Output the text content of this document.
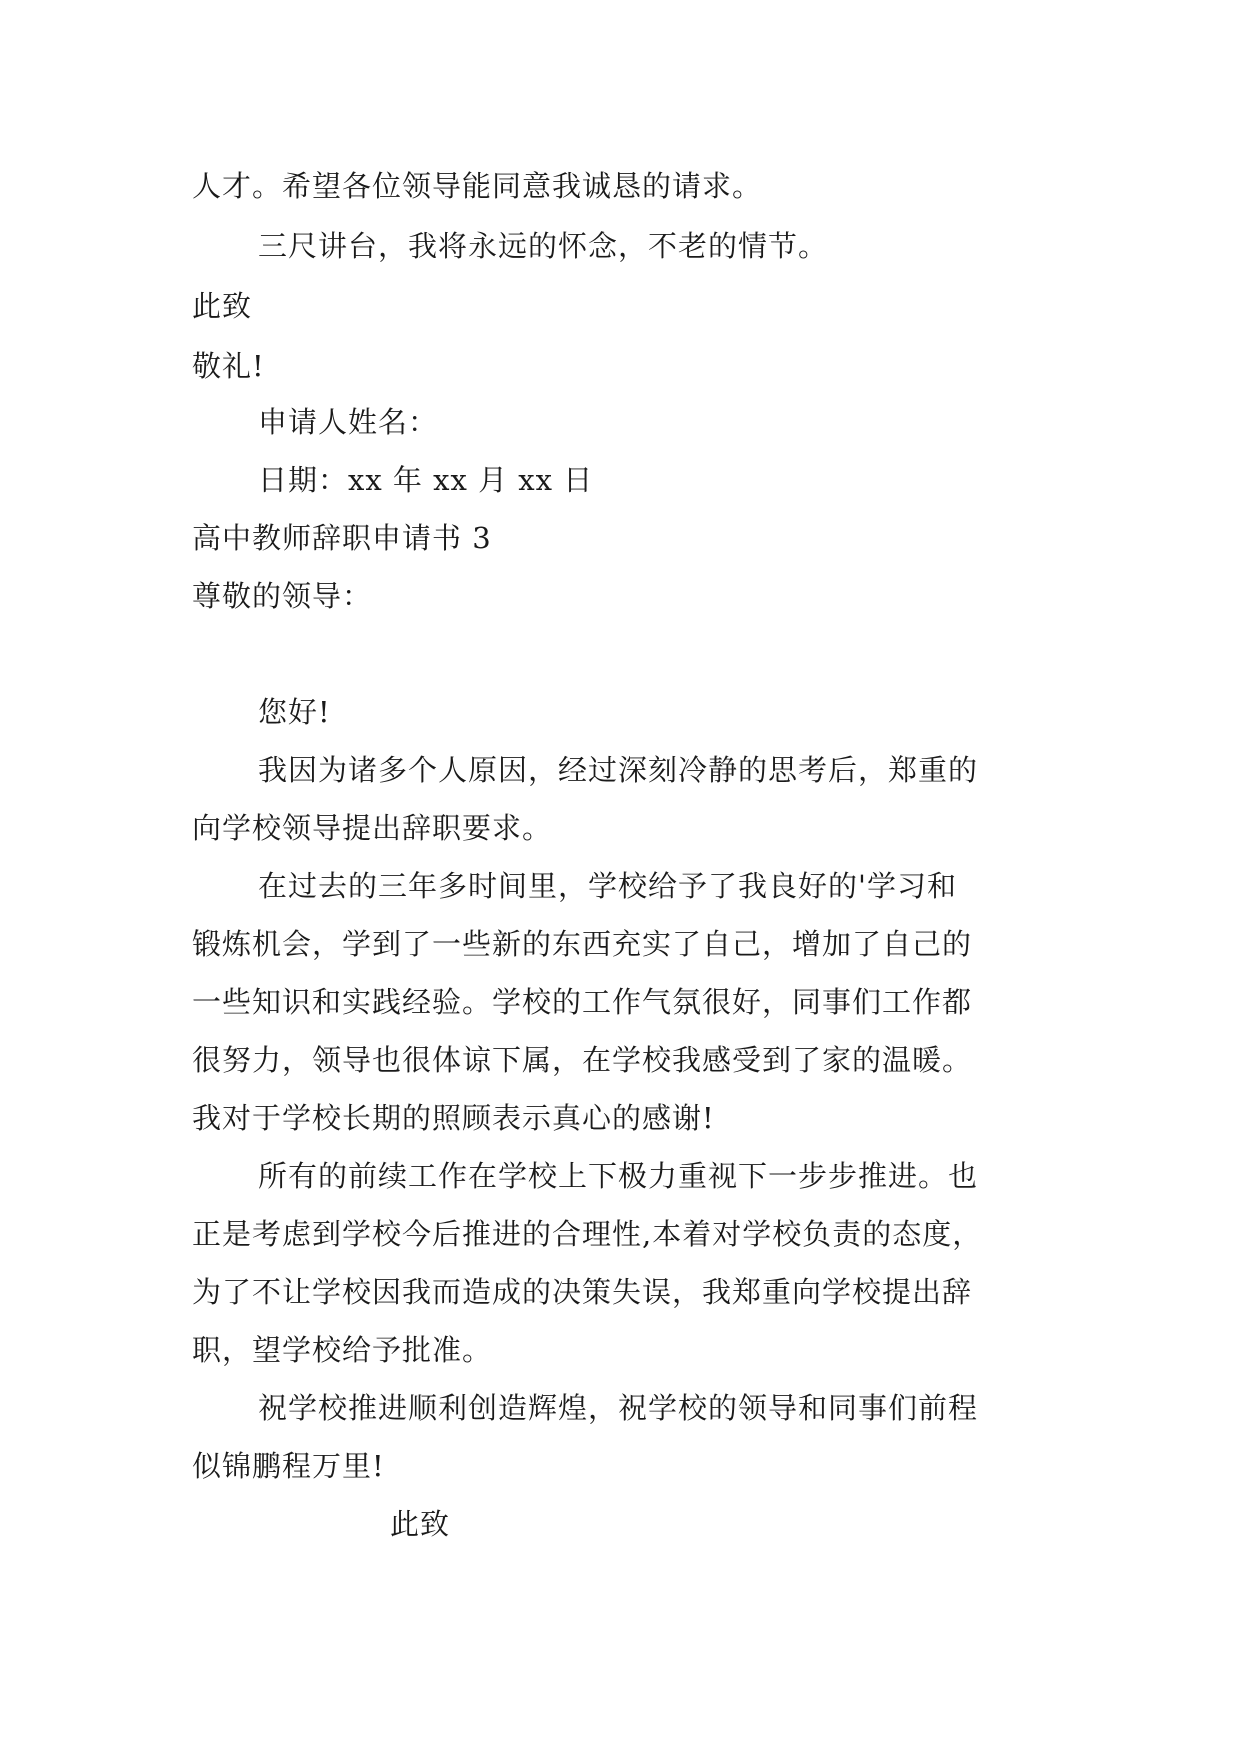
人才。希望各位领导能同意我诚恳的请求。
三尺讲台，我将永远的怀念，不老的情节。
此致
敬礼!
申请人姓名：
日期：xx 年 xx 月 xx 日
高中教师辞职申请书 3
尊敬的领导：
您好!
我因为诸多个人原因，经过深刻冷静的思考后，郑重的
向学校领导提出辞职要求。
在过去的三年多时间里，学校给予了我良好的'学习和
锻炼机会，学到了一些新的东西充实了自己，增加了自己的
一些知识和实践经验。学校的工作气氛很好，同事们工作都
很努力，领导也很体谅下属，在学校我感受到了家的温暖。
我对于学校长期的照顾表示真心的感谢!
所有的前续工作在学校上下极力重视下一步步推进。也
正是考虑到学校今后推进的合理性,本着对学校负责的态度，
为了不让学校因我而造成的决策失误，我郑重向学校提出辞
职，望学校给予批准。
祝学校推进顺利创造辉煌，祝学校的领导和同事们前程
似锦鹏程万里!
此致
